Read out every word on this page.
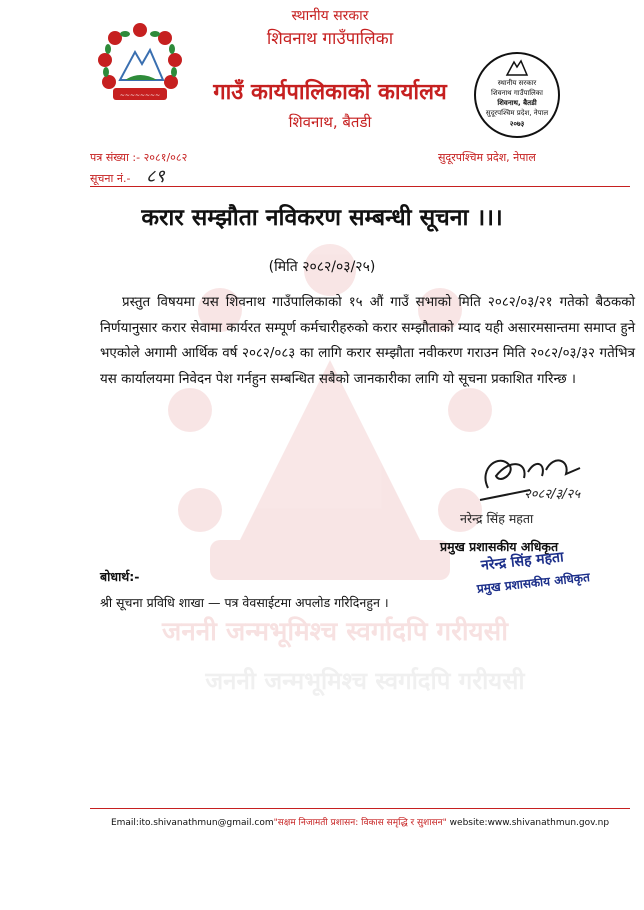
जननी जन्मभूमिश्च स्वर्गादपि गरीयसी
जननी जन्मभूमिश्च स्वर्गादपि गरीयसी
~~~~~~~~
स्थानीय सरकार
शिवनाथ गाउँपालिका
गाउँ कार्यपालिकाको कार्यालय
शिवनाथ, बैतडी
स्थानीय सरकार
शिवनाथ गाउँपालिका
शिवनाथ, बैतडी
सुदूरपश्चिम प्रदेश, नेपाल
२०७३
पत्र संख्या :- २०८१/०८२	सुदूरपश्चिम प्रदेश, नेपाल
सूचना नं.- ८९
करार सम्झौता नविकरण सम्बन्धी सूचना ।।।
(मिति २०८२/०३/२५)

प्रस्तुत विषयमा यस शिवनाथ गाउँपालिकाको १५ औं गाउँ सभाको मिति २०८२/०३/२१ गतेको बैठकको निर्णयानुसार करार सेवामा कार्यरत सम्पूर्ण कर्मचारीहरुको करार सम्झौताको म्याद यही असारमसान्तमा समाप्त हुने भएकोले अगामी आर्थिक वर्ष २०८२/०८३ का लागि करार सम्झौता नवीकरण गराउन मिति २०८२/०३/३२ गतेभित्र यस कार्यालयमा निवेदन पेश गर्नहुन सम्बन्धित सबैको जानकारीका लागि यो सूचना प्रकाशित गरिन्छ ।

२०८२/३/२५
नरेन्द्र सिंह महता
प्रमुख प्रशासकीय अधिकृत
नरेन्द्र सिंह महता
प्रमुख प्रशासकीय अधिकृत
बोधार्थ:-
श्री सूचना प्रविधि शाखा — पत्र वेवसाईटमा अपलोड गरिदिनहुन ।
Email:ito.shivanathmun@gmail.com"सक्षम निजामती प्रशासन: विकास समृद्धि र सुशासन" website:www.shivanathmun.gov.np
